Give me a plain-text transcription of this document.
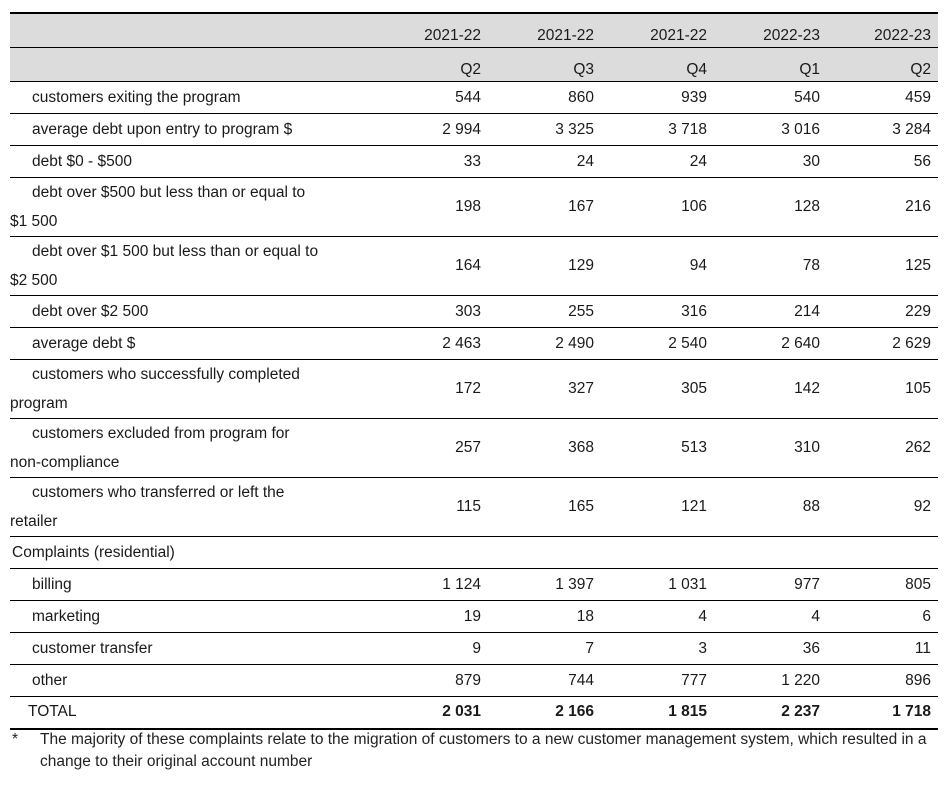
	2021-22	2021-22	2021-22	2022-23	2022-23
	Q2	Q3	Q4	Q1	Q2
customers exiting the program	544	860	939	540	459
average debt upon entry to program $	2 994	3 325	3 718	3 016	3 284
debt $0 - $500	33	24	24	30	56
debt over $500 but less than or equal to
$1 500	198	167	106	128	216
debt over $1 500 but less than or equal to
$2 500	164	129	94	78	125
debt over $2 500	303	255	316	214	229
average debt $	2 463	2 490	2 540	2 640	2 629
customers who successfully completed
program	172	327	305	142	105
customers excluded from program for
non-compliance	257	368	513	310	262
customers who transferred or left the
retailer	115	165	121	88	92
Complaints (residential)					
billing	1 124	1 397	1 031	977	805
marketing	19	18	4	4	6
customer transfer	9	7	3	36	11
other	879	744	777	1 220	896
TOTAL	2 031	2 166	1 815	2 237	1 718
* The majority of these complaints relate to the migration of customers to a new customer management system, which resulted in a change to their original account number
